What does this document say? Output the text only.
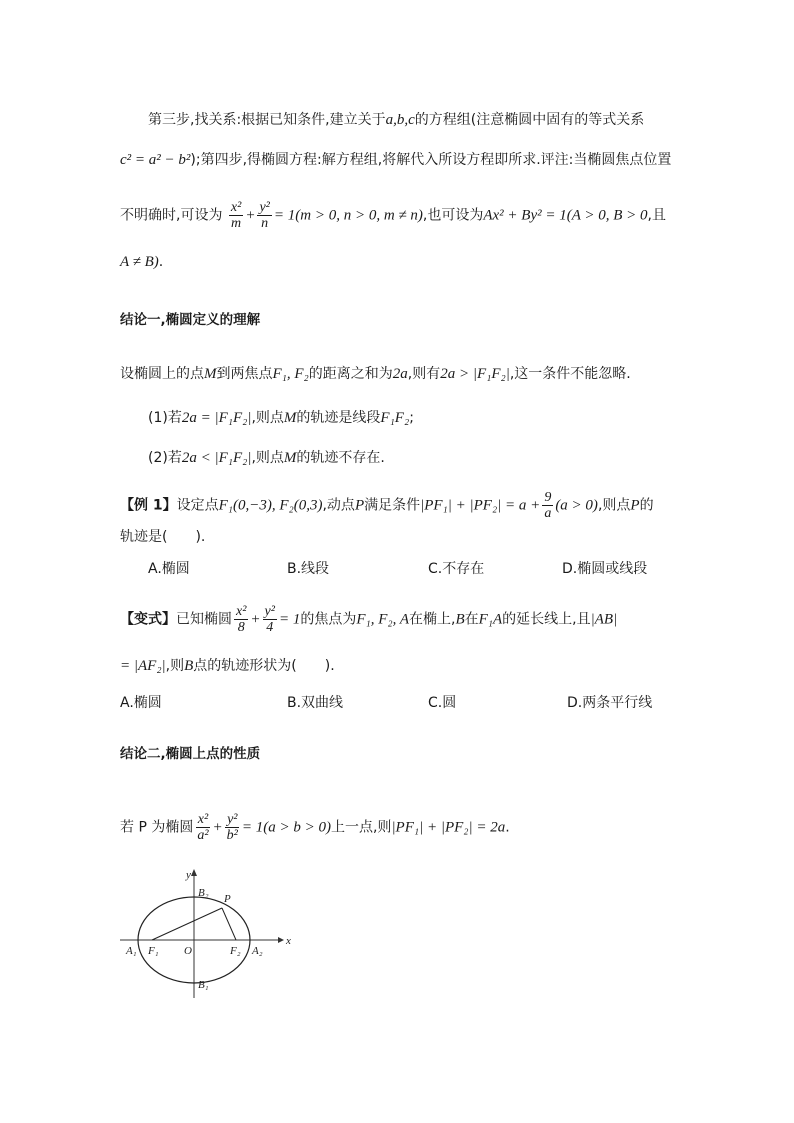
第三步,找关系:根据已知条件,建立关于a,b,c的方程组(注意椭圆中固有的等式关系
c² = a² − b²);第四步,得椭圆方程:解方程组,将解代入所设方程即所求.评注:当椭圆焦点位置
不明确时,可设为 $\frac{\text{x²}}{m} + \frac{\text{y²}}{n} = 1(m > 0$, n > 0, m ≠ n),也可设为Ax² + By² = 1(A > 0, B > 0,且
A ≠ B).
结论一,椭圆定义的理解
设椭圆上的点M到两焦点F₁, F₂的距离之和为2a,则有2a > |F₁F₂|,这一条件不能忽略.
(1)若2a = |F₁F₂|,则点M的轨迹是线段F₁F₂;
(2)若2a < |F₁F₂|,则点M的轨迹不存在.
【例 1】设定点F₁(0,−3), F₂(0,3),动点P满足条件$|PF_1| + |PF_2| = a + \frac{9}{a} (a > 0)$,则点P的
轨迹是(　　).
A.椭圆	B.线段	C.不存在	D.椭圆或线段
【变式】已知椭圆 $\frac{\text{x²}}{8} + \frac{\text{y²}}{4} = 1$的焦点为F₁, F₂, A在椭上,B在F₁A的延长线上,且|AB|
= |AF₂|,则B点的轨迹形状为(　　).
A.椭圆	B.双曲线	C.圆	D.两条平行线
结论二,椭圆上点的性质
若 P 为椭圆 $\frac{\text{x²}}{\text{a²}} + \frac{\text{y²}}{\text{b²}} = 1(a > b > 0)$上一点,则|PF₁| + |PF₂| = 2a.
y
x
O
P
A₁	A₂
B₁
B₂
F₁	F₂
